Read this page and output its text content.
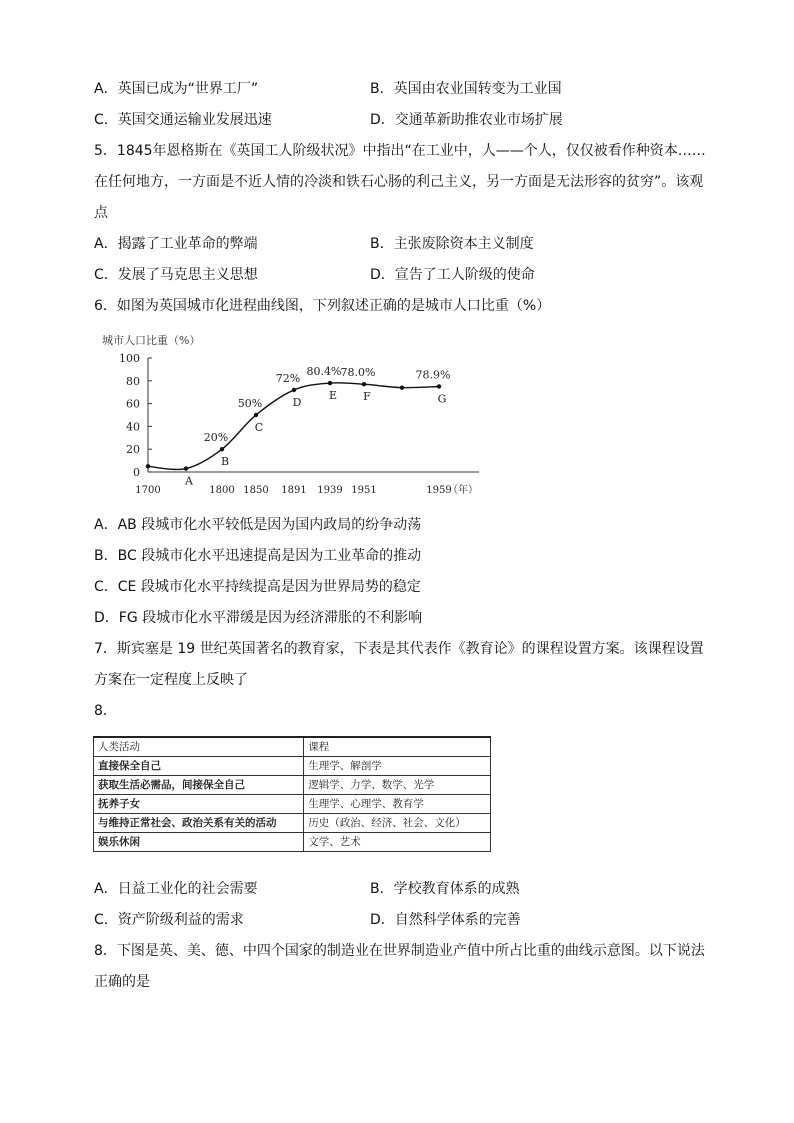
A．英国已成为“世界工厂”	B．英国由农业国转变为工业国
C．英国交通运输业发展迅速	D．交通革新助推农业市场扩展
5．1845年恩格斯在《英国工人阶级状况》中指出“在工业中，人——个人，仅仅被看作种资本……
在任何地方，一方面是不近人情的冷淡和铁石心肠的利己主义，另一方面是无法形容的贫穷”。该观
点
A．揭露了工业革命的弊端	B．主张废除资本主义制度
C．发展了马克思主义思想	D．宣告了工人阶级的使命
6．如图为英国城市化进程曲线图，下列叙述正确的是城市人口比重（%）
城市人口比重（%）
0
20
40
60
80
100
1700	1800 1850 1891 1939 1951	1959
A
B
20%
C
50%	D
72%
E
80.4%
F
78.0%
G
78.9%
（年）
A．AB 段城市化水平较低是因为国内政局的纷争动荡
B．BC 段城市化水平迅速提高是因为工业革命的推动
C．CE 段城市化水平持续提高是因为世界局势的稳定
D．FG 段城市化水平滞缓是因为经济滞胀的不利影响
7．斯宾塞是 19 世纪英国著名的教育家，下表是其代表作《教育论》的课程设置方案。该课程设置
方案在一定程度上反映了
8．
人类活动	课程
直接保全自己	生理学、解剖学
获取生活必需品，间接保全自己	逻辑学、力学、数学、光学
抚养子女	生理学、心理学、教育学
与维持正常社会、政治关系有关的活动	历史（政治、经济、社会、文化）
娱乐休闲	文学、艺术
A．日益工业化的社会需要	B．学校教育体系的成熟
C．资产阶级利益的需求	D．自然科学体系的完善
8．下图是英、美、德、中四个国家的制造业在世界制造业产值中所占比重的曲线示意图。以下说法
正确的是
